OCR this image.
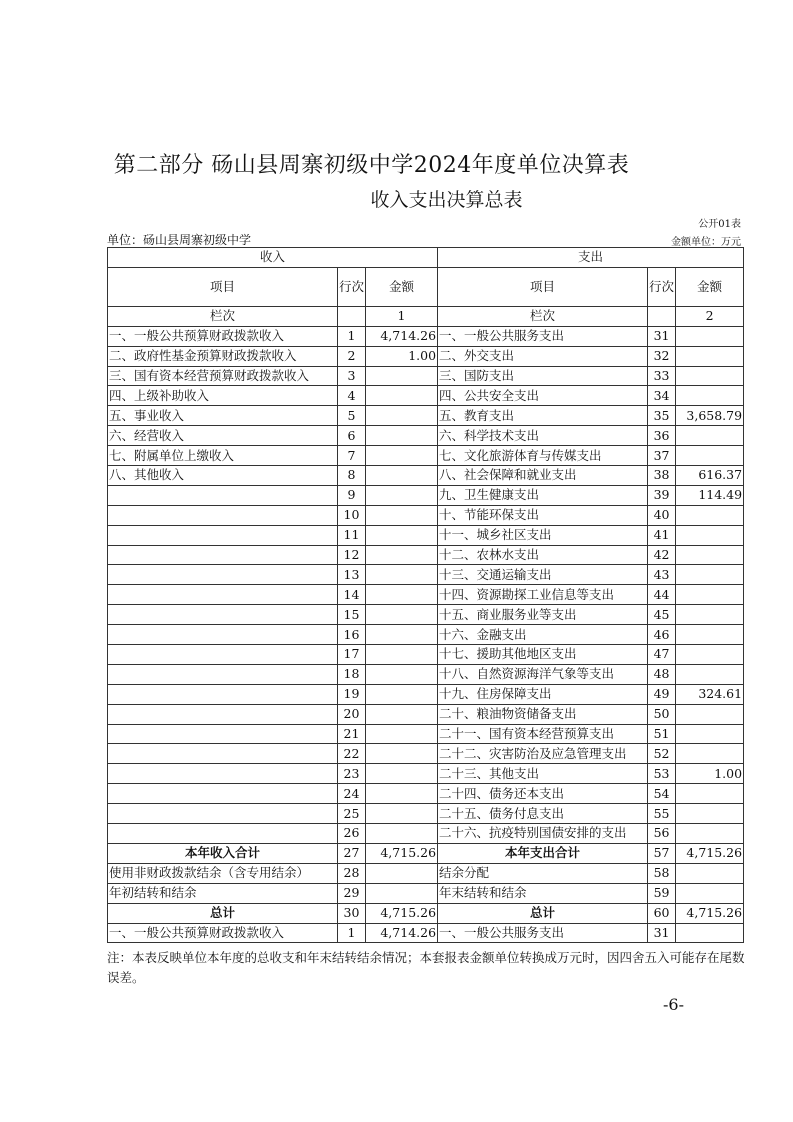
第二部分 砀山县周寨初级中学2024年度单位决算表
收入支出决算总表
公开01表
单位：砀山县周寨初级中学	金额单位：万元
收入			支出		
项目	行次	金额	项目	行次	金额
栏次		1	栏次		2
一、一般公共预算财政拨款收入	1	4,714.26	一、一般公共服务支出	31	
二、政府性基金预算财政拨款收入	2	1.00	二、外交支出	32	
三、国有资本经营预算财政拨款收入	3		三、国防支出	33	
四、上级补助收入	4		四、公共安全支出	34	
五、事业收入	5		五、教育支出	35	3,658.79
六、经营收入	6		六、科学技术支出	36	
七、附属单位上缴收入	7		七、文化旅游体育与传媒支出	37	
八、其他收入	8		八、社会保障和就业支出	38	616.37
	9		九、卫生健康支出	39	114.49
	10		十、节能环保支出	40	
	11		十一、城乡社区支出	41	
	12		十二、农林水支出	42	
	13		十三、交通运输支出	43	
	14		十四、资源勘探工业信息等支出	44	
	15		十五、商业服务业等支出	45	
	16		十六、金融支出	46	
	17		十七、援助其他地区支出	47	
	18		十八、自然资源海洋气象等支出	48	
	19		十九、住房保障支出	49	324.61
	20		二十、粮油物资储备支出	50	
	21		二十一、国有资本经营预算支出	51	
	22		二十二、灾害防治及应急管理支出	52	
	23		二十三、其他支出	53	1.00
	24		二十四、债务还本支出	54	
	25		二十五、债务付息支出	55	
	26		二十六、抗疫特别国债安排的支出	56	
本年收入合计	27	4,715.26	本年支出合计	57	4,715.26
使用非财政拨款结余（含专用结余）	28		结余分配	58	
年初结转和结余	29		年末结转和结余	59	
总计	30	4,715.26	总计	60	4,715.26
一、一般公共预算财政拨款收入	1	4,714.26	一、一般公共服务支出	31	
注：本表反映单位本年度的总收支和年末结转结余情况；本套报表金额单位转换成万元时，因四舍五入可能存在尾数误差。
-6-
